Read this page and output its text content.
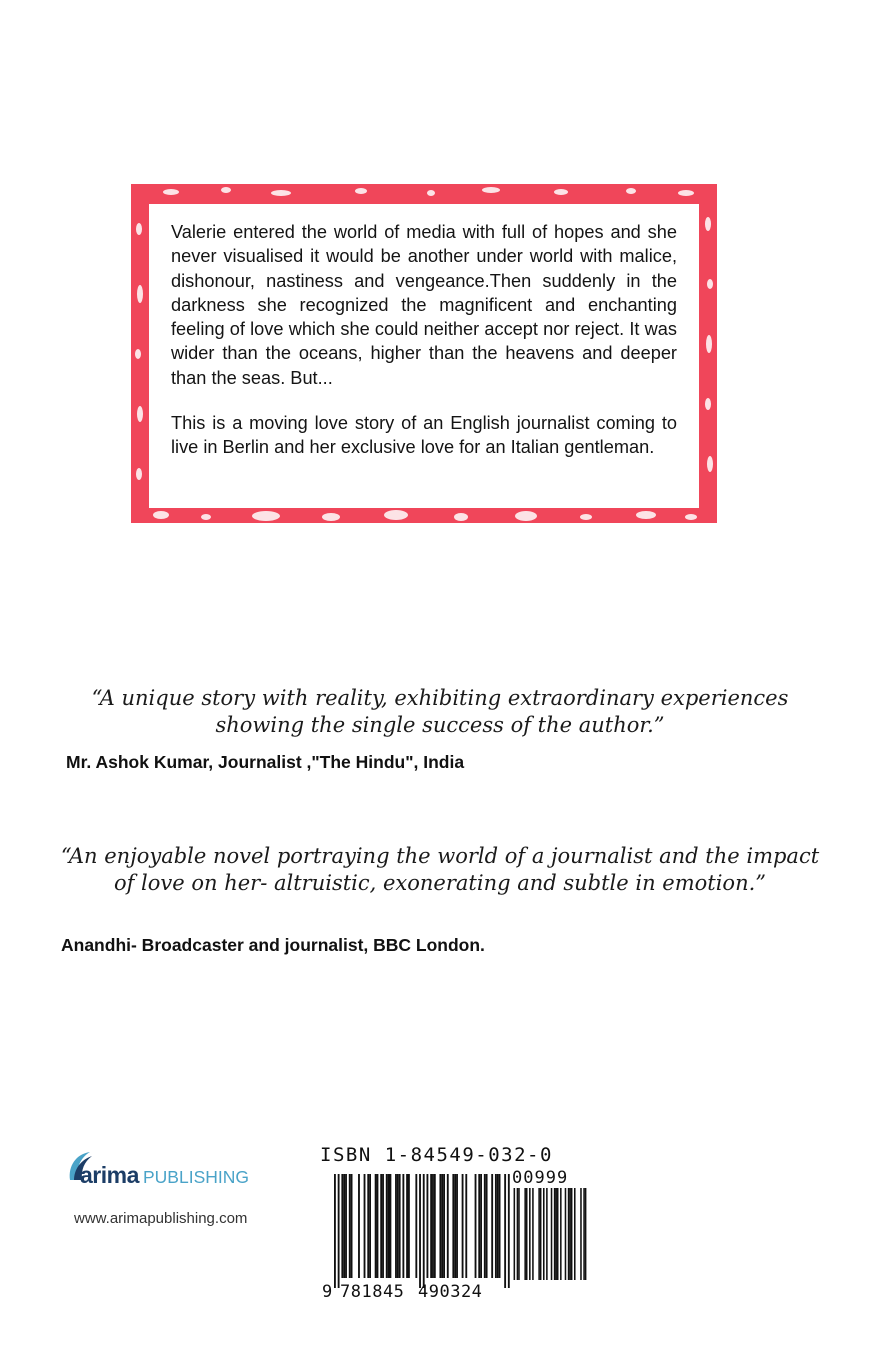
Valerie entered the world of media with full of hopes and she never visualised it would be another under world with malice, dishonour, nastiness and vengeance.Then suddenly in the darkness she recognized the magnificent and enchanting feeling of love which she could neither accept nor reject. It was wider than the oceans, higher than the heavens and deeper than the seas. But...

This is a moving love story of an English journalist coming to live in Berlin and her exclusive love for an Italian gentleman.

“A unique story with reality, exhibiting extraordinary experiences showing the single success of the author.”

Mr. Ashok Kumar, Journalist ,"The Hindu", India

“An enjoyable novel portraying the world of a journalist and the impact of love on her- altruistic, exonerating and subtle in emotion.”

Anandhi- Broadcaster and journalist, BBC London.

arima PUBLISHING
www.arimapublishing.com

ISBN 1-84549-032-0

9 781845 490324
00999
